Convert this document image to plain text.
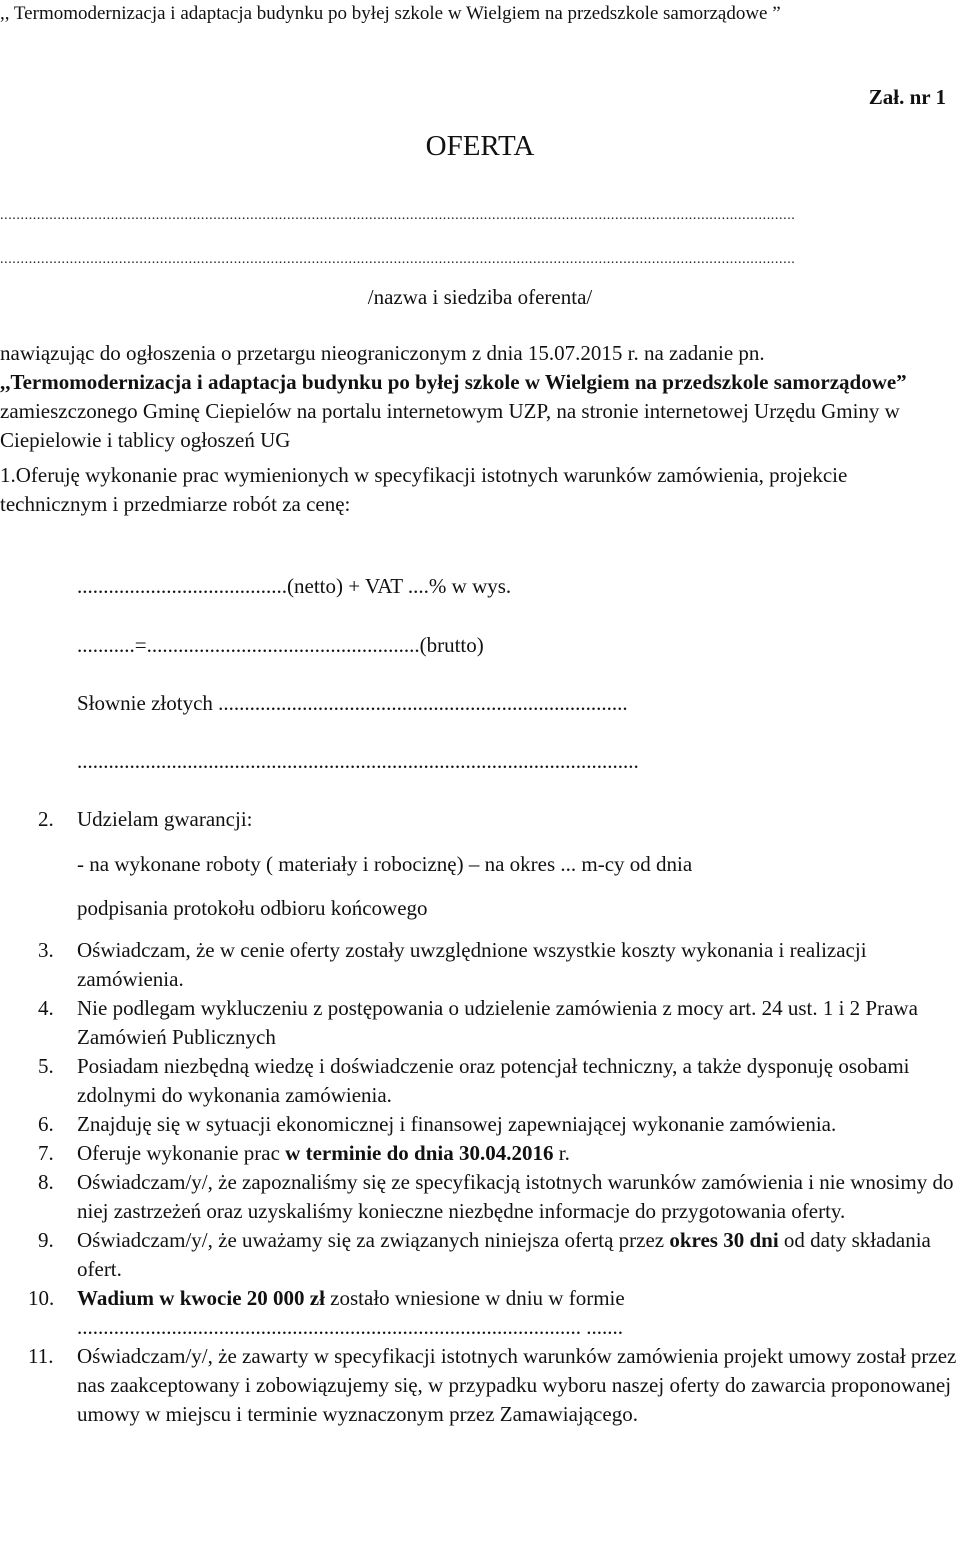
,, Termomodernizacja i adaptacja budynku po byłej szkole w Wielgiem na przedszkole samorządowe ”
Zał. nr 1
OFERTA
..................................................................................................................................................................................................
..................................................................................................................................................................................................
/nazwa i siedziba oferenta/
nawiązując do ogłoszenia o przetargu nieograniczonym z dnia 15.07.2015 r. na zadanie pn. ,,Termomodernizacja i adaptacja budynku po byłej szkole w Wielgiem na przedszkole samorządowe” zamieszczonego Gminę Ciepielów na portalu internetowym UZP, na stronie internetowej Urzędu Gminy w Ciepielowie i tablicy ogłoszeń UG
1.Oferuję wykonanie prac wymienionych w specyfikacji istotnych warunków zamówienia, projekcie technicznym i przedmiarze robót za cenę:
........................................(netto) + VAT ....% w wys.
...........=....................................................(brutto)
Słownie złotych ..............................................................................
...........................................................................................................
2. Udzielam gwarancji:
- na wykonane roboty ( materiały i robociznę) – na okres ... m-cy od dnia
podpisania protokołu odbioru końcowego
3. Oświadczam, że w cenie oferty zostały uwzględnione wszystkie koszty wykonania i realizacji zamówienia.
4. Nie podlegam wykluczeniu z postępowania o udzielenie zamówienia z mocy art. 24 ust. 1 i 2 Prawa Zamówień Publicznych
5. Posiadam niezbędną wiedzę i doświadczenie oraz potencjał techniczny, a także dysponuję osobami zdolnymi do wykonania zamówienia.
6. Znajduję się w sytuacji ekonomicznej i finansowej zapewniającej wykonanie zamówienia.
7. Oferuje wykonanie prac w terminie do dnia 30.04.2016 r.
8. Oświadczam/y/, że zapoznaliśmy się ze specyfikacją istotnych warunków zamówienia i nie wnosimy do niej zastrzeżeń oraz uzyskaliśmy konieczne niezbędne informacje do przygotowania oferty.
9. Oświadczam/y/, że uważamy się za związanych niniejsza ofertą przez okres 30 dni od daty składania ofert.
10. Wadium w kwocie 20 000 zł zostało wniesione w dniu w formie ................................................................................................ .......
11. Oświadczam/y/, że zawarty w specyfikacji istotnych warunków zamówienia projekt umowy został przez nas zaakceptowany i zobowiązujemy się, w przypadku wyboru naszej oferty do zawarcia proponowanej umowy w miejscu i terminie wyznaczonym przez Zamawiającego.
